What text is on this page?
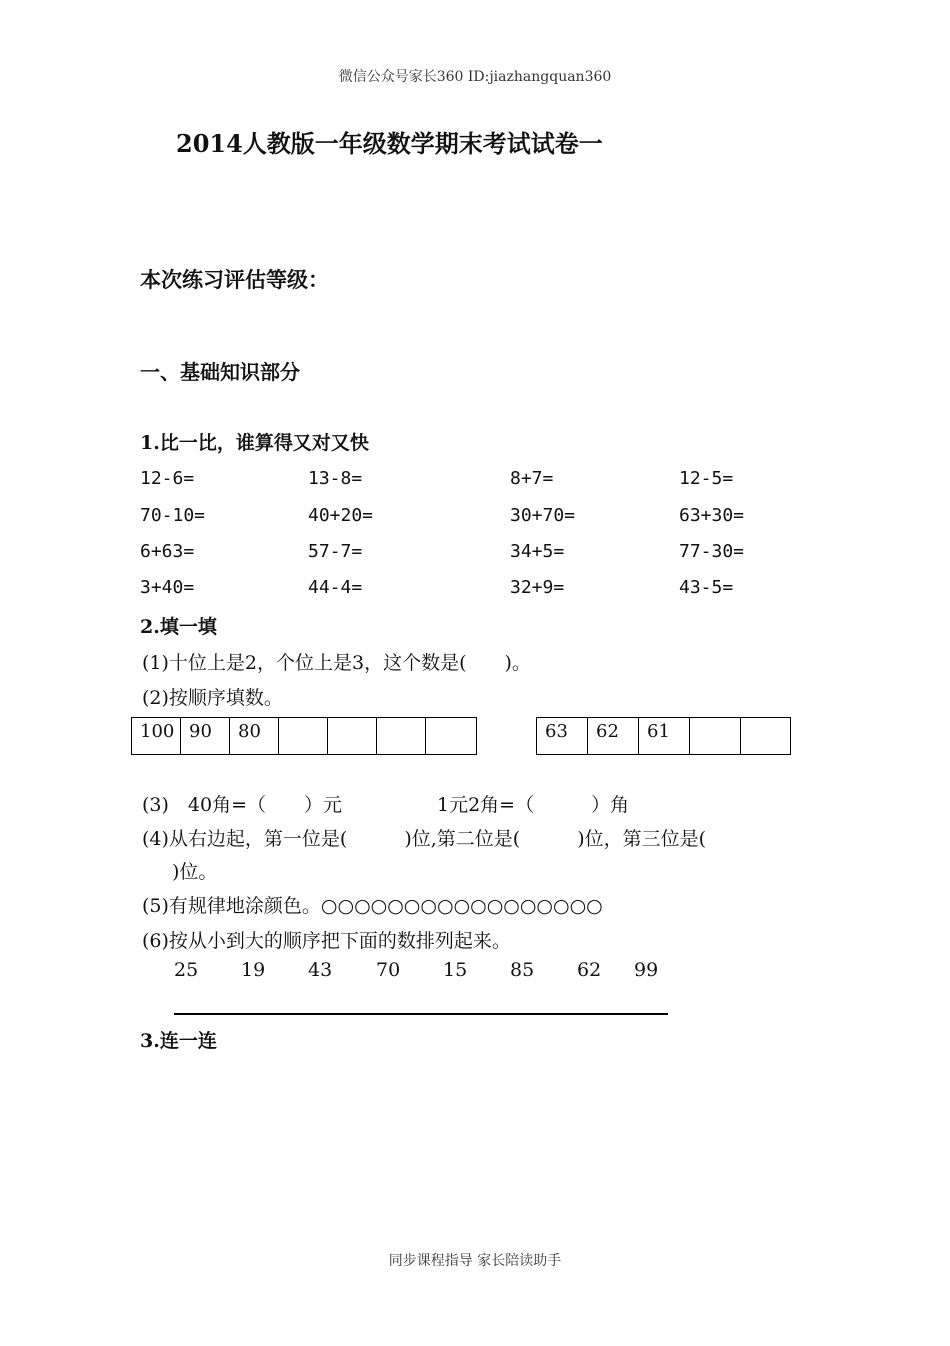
微信公众号家长360 ID:jiazhangquan360
2014人教版一年级数学期末考试试卷一
本次练习评估等级：
一、基础知识部分
1.比一比，谁算得又对又快
12-6=	13-8=	8+7=	12-5=
70-10=	40+20=	30+70=	63+30=
6+63=	57-7=	34+5=	77-30=
3+40=	44-4=	32+9=	43-5=
2.填一填
(1)十位上是2，个位上是3，这个数是(　　)。
(2)按顺序填数。
100	90	80					63	62	61		
(3)　40角=（　　）元	1元2角=（　　　）角
(4)从右边起，第一位是(　　　)位,第二位是(　　　)位，第三位是(
)位。
(5)有规律地涂颜色。○○○○○○○○○○○○○○○○○
(6)按从小到大的顺序把下面的数排列起来。
25 19 43 70 15 85 62 99
3.连一连
同步课程指导 家长陪读助手
